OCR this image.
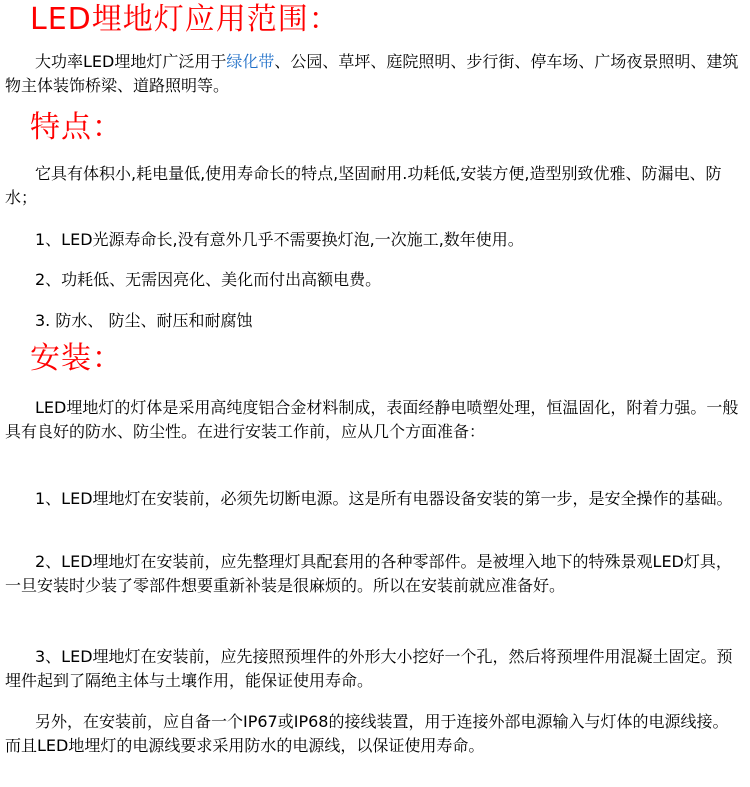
LED埋地灯应用范围：

大功率LED埋地灯广泛用于绿化带、公园、草坪、庭院照明、步行街、停车场、广场夜景照明、建筑物主体装饰桥梁、道路照明等。

特点：

它具有体积小,耗电量低,使用寿命长的特点,坚固耐用.功耗低,安装方便,造型别致优雅、防漏电、防水；

1、LED光源寿命长,没有意外几乎不需要换灯泡,一次施工,数年使用。

2、功耗低、无需因亮化、美化而付出高额电费。

3. 防水、 防尘、耐压和耐腐蚀

安装：

LED埋地灯的灯体是采用高纯度铝合金材料制成，表面经静电喷塑处理，恒温固化，附着力强。一般具有良好的防水、防尘性。在进行安装工作前，应从几个方面准备：

1、LED埋地灯在安装前，必须先切断电源。这是所有电器设备安装的第一步，是安全操作的基础。

2、LED埋地灯在安装前，应先整理灯具配套用的各种零部件。是被埋入地下的特殊景观LED灯具，一旦安装时少装了零部件想要重新补装是很麻烦的。所以在安装前就应准备好。

3、LED埋地灯在安装前，应先接照预埋件的外形大小挖好一个孔，然后将预埋件用混凝土固定。预埋件起到了隔绝主体与土壤作用，能保证使用寿命。

另外，在安装前，应自备一个IP67或IP68的接线装置，用于连接外部电源输入与灯体的电源线接。而且LED地埋灯的电源线要求采用防水的电源线，以保证使用寿命。
